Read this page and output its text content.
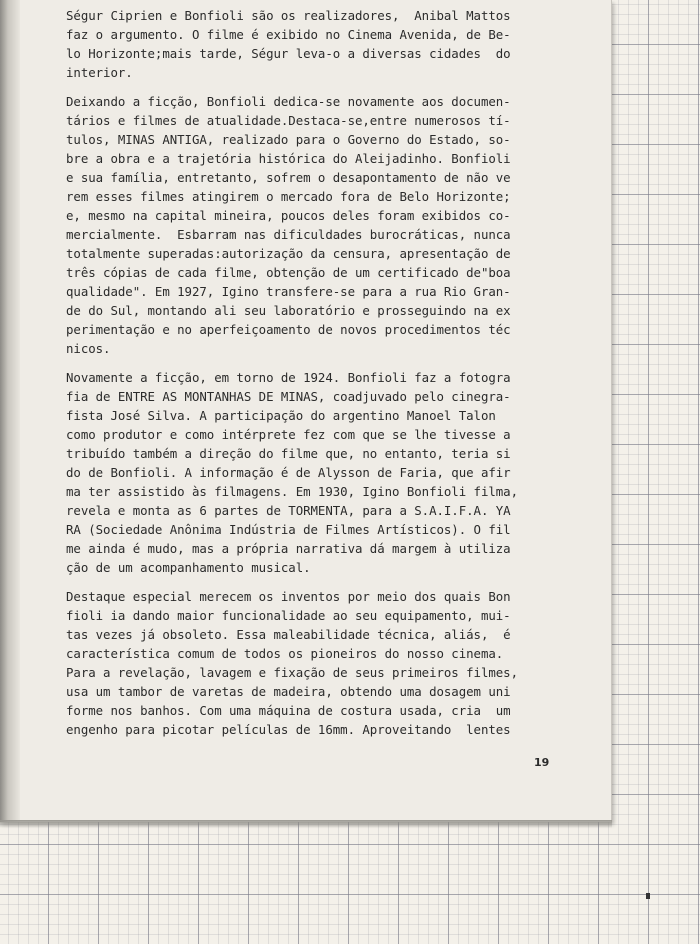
Ségur Ciprien e Bonfioli são os realizadores,  Anibal Mattos
faz o argumento. O filme é exibido no Cinema Avenida, de Be-
lo Horizonte;mais tarde, Ségur leva-o a diversas cidades  do
interior.
Deixando a ficção, Bonfioli dedica-se novamente aos documen-
tários e filmes de atualidade.Destaca-se,entre numerosos tí-
tulos, MINAS ANTIGA, realizado para o Governo do Estado, so-
bre a obra e a trajetória histórica do Aleijadinho. Bonfioli
e sua família, entretanto, sofrem o desapontamento de não ve
rem esses filmes atingirem o mercado fora de Belo Horizonte;
e, mesmo na capital mineira, poucos deles foram exibidos co-
mercialmente.  Esbarram nas dificuldades burocráticas, nunca
totalmente superadas:autorização da censura, apresentação de
três cópias de cada filme, obtenção de um certificado de"boa
qualidade". Em 1927, Igino transfere-se para a rua Rio Gran-
de do Sul, montando ali seu laboratório e prosseguindo na ex
perimentação e no aperfeiçoamento de novos procedimentos téc
nicos.
Novamente a ficção, em torno de 1924. Bonfioli faz a fotogra
fia de ENTRE AS MONTANHAS DE MINAS, coadjuvado pelo cinegra-
fista José Silva. A participação do argentino Manoel Talon
como produtor e como intérprete fez com que se lhe tivesse a
tribuído também a direção do filme que, no entanto, teria si
do de Bonfioli. A informação é de Alysson de Faria, que afir
ma ter assistido às filmagens. Em 1930, Igino Bonfioli filma,
revela e monta as 6 partes de TORMENTA, para a S.A.I.F.A. YA
RA (Sociedade Anônima Indústria de Filmes Artísticos). O fil
me ainda é mudo, mas a própria narrativa dá margem à utiliza
ção de um acompanhamento musical.
Destaque especial merecem os inventos por meio dos quais Bon
fioli ia dando maior funcionalidade ao seu equipamento, mui-
tas vezes já obsoleto. Essa maleabilidade técnica, aliás,  é
característica comum de todos os pioneiros do nosso cinema.
Para a revelação, lavagem e fixação de seus primeiros filmes,
usa um tambor de varetas de madeira, obtendo uma dosagem uni
forme nos banhos. Com uma máquina de costura usada, cria  um
engenho para picotar películas de 16mm. Aproveitando  lentes
19
